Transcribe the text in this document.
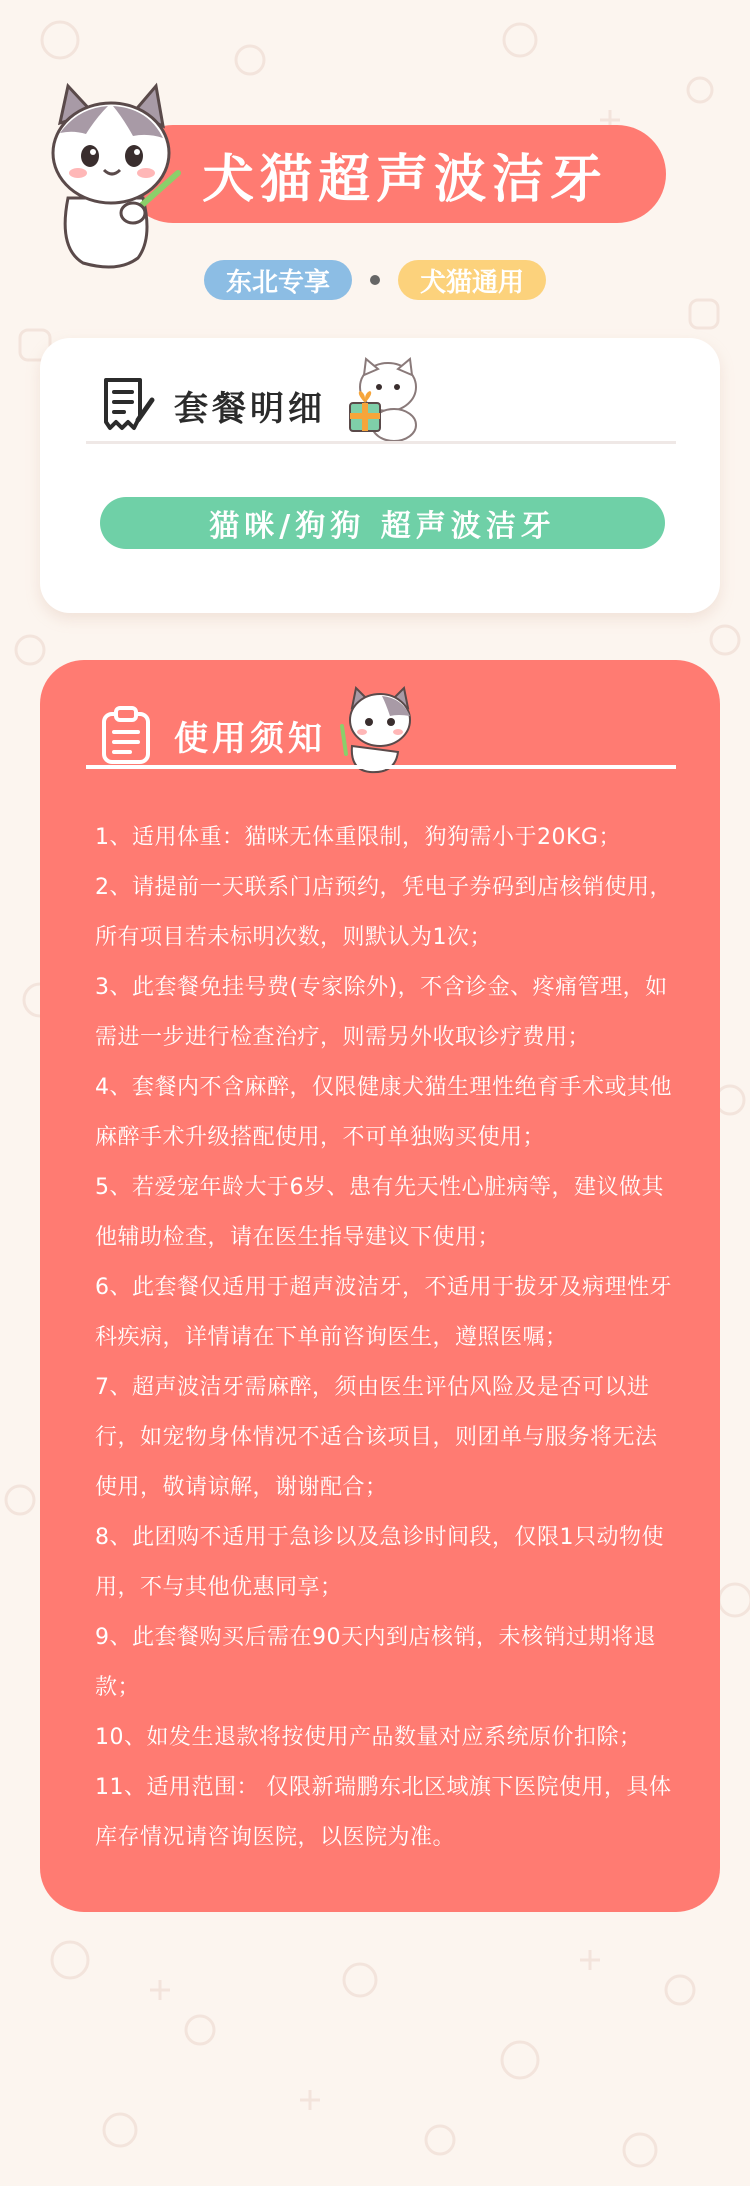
犬猫超声波洁牙
东北专享	犬猫通用
套餐明细
猫咪/狗狗 超声波洁牙
使用须知

1、适用体重：猫咪无体重限制，狗狗需小于20KG；

2、请提前一天联系门店预约，凭电子券码到店核销使用，所有项目若未标明次数，则默认为1次；

3、此套餐免挂号费(专家除外)，不含诊金、疼痛管理，如需进一步进行检查治疗，则需另外收取诊疗费用；

4、套餐内不含麻醉，仅限健康犬猫生理性绝育手术或其他麻醉手术升级搭配使用，不可单独购买使用；

5、若爱宠年龄大于6岁、患有先天性心脏病等，建议做其他辅助检查，请在医生指导建议下使用；

6、此套餐仅适用于超声波洁牙，不适用于拔牙及病理性牙科疾病，详情请在下单前咨询医生，遵照医嘱；

7、超声波洁牙需麻醉，须由医生评估风险及是否可以进行，如宠物身体情况不适合该项目，则团单与服务将无法使用，敬请谅解，谢谢配合；

8、此团购不适用于急诊以及急诊时间段，仅限1只动物使用，不与其他优惠同享；

9、此套餐购买后需在90天内到店核销，未核销过期将退款；

10、如发生退款将按使用产品数量对应系统原价扣除；

11、适用范围： 仅限新瑞鹏东北区域旗下医院使用，具体库存情况请咨询医院，以医院为准。
